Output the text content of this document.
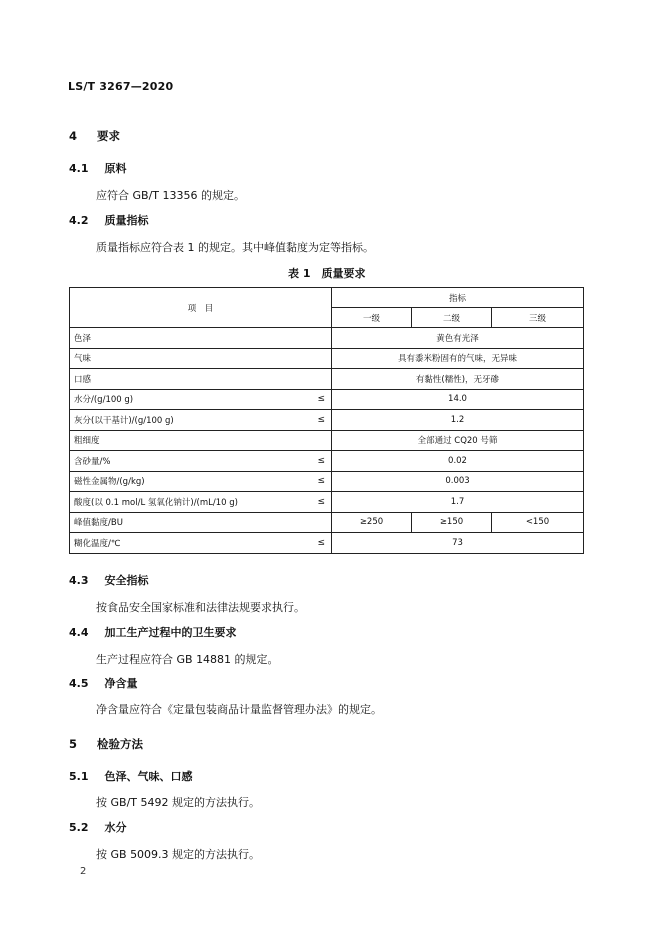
LS/T 3267—2020
4 要求
4.1 原料
应符合 GB/T 13356 的规定。
4.2 质量指标
质量指标应符合表 1 的规定。其中峰值黏度为定等指标。
表 1　质量要求
项　目	指标		
	一级	二级	三级
色泽	黄色有光泽		
气味	具有黍米粉固有的气味，无异味		
口感	有黏性(糯性)，无牙碜		
水分/(g/100 g) ≤	14.0		
灰分(以干基计)/(g/100 g) ≤	1.2		
粗细度	全部通过 CQ20 号筛		
含砂量/% ≤	0.02		
磁性金属物/(g/kg) ≤	0.003		
酸度(以 0.1 mol/L 氢氧化钠计)/(mL/10 g) ≤	1.7		
峰值黏度/BU	≥250	≥150	<150
糊化温度/℃ ≤	73		
4.3 安全指标
按食品安全国家标准和法律法规要求执行。
4.4 加工生产过程中的卫生要求
生产过程应符合 GB 14881 的规定。
4.5 净含量
净含量应符合《定量包装商品计量监督管理办法》的规定。
5 检验方法
5.1 色泽、气味、口感
按 GB/T 5492 规定的方法执行。
5.2 水分
按 GB 5009.3 规定的方法执行。
2
